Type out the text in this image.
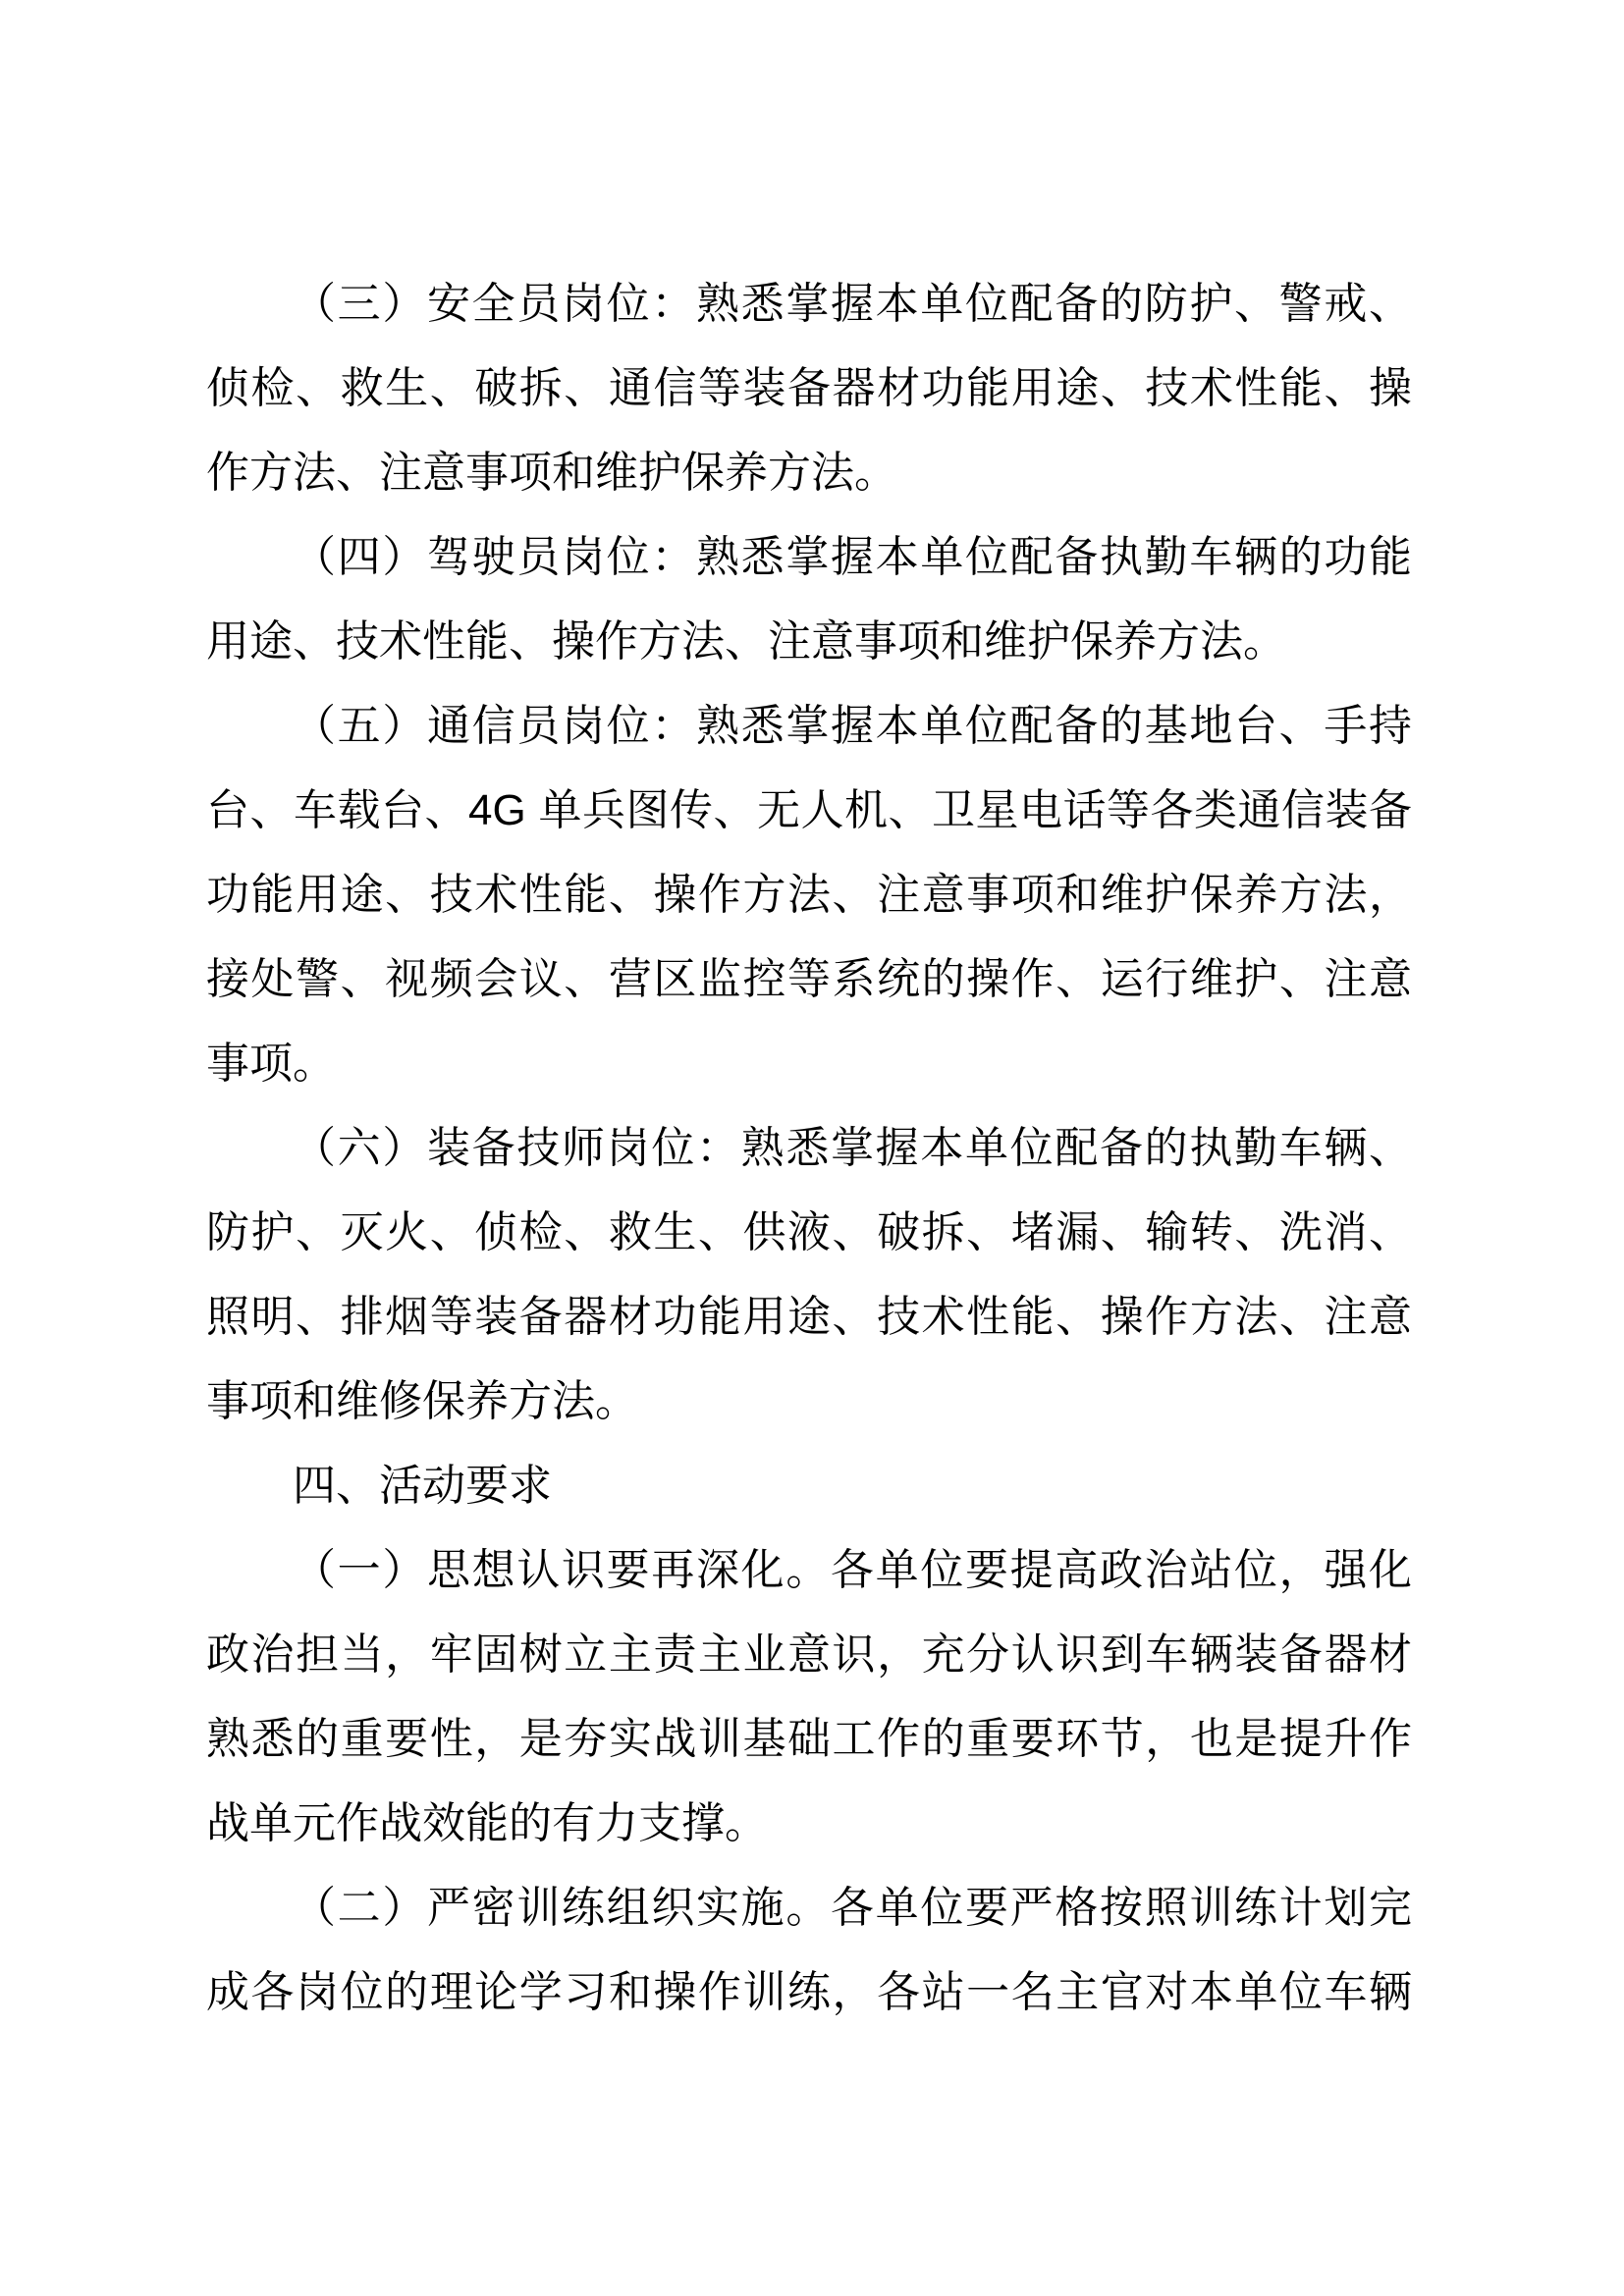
（三）安全员岗位：熟悉掌握本单位配备的防护、警戒、
侦检、救生、破拆、通信等装备器材功能用途、技术性能、操
作方法、注意事项和维护保养方法。
（四）驾驶员岗位：熟悉掌握本单位配备执勤车辆的功能
用途、技术性能、操作方法、注意事项和维护保养方法。
（五）通信员岗位：熟悉掌握本单位配备的基地台、手持
台、车载台、4G 单兵图传、无人机、卫星电话等各类通信装备
功能用途、技术性能、操作方法、注意事项和维护保养方法，
接处警、视频会议、营区监控等系统的操作、运行维护、注意
事项。
（六）装备技师岗位：熟悉掌握本单位配备的执勤车辆、
防护、灭火、侦检、救生、供液、破拆、堵漏、输转、洗消、
照明、排烟等装备器材功能用途、技术性能、操作方法、注意
事项和维修保养方法。
四、活动要求
（一）思想认识要再深化。各单位要提高政治站位，强化
政治担当，牢固树立主责主业意识，充分认识到车辆装备器材
熟悉的重要性，是夯实战训基础工作的重要环节，也是提升作
战单元作战效能的有力支撑。
（二）严密训练组织实施。各单位要严格按照训练计划完
成各岗位的理论学习和操作训练，各站一名主官对本单位车辆
